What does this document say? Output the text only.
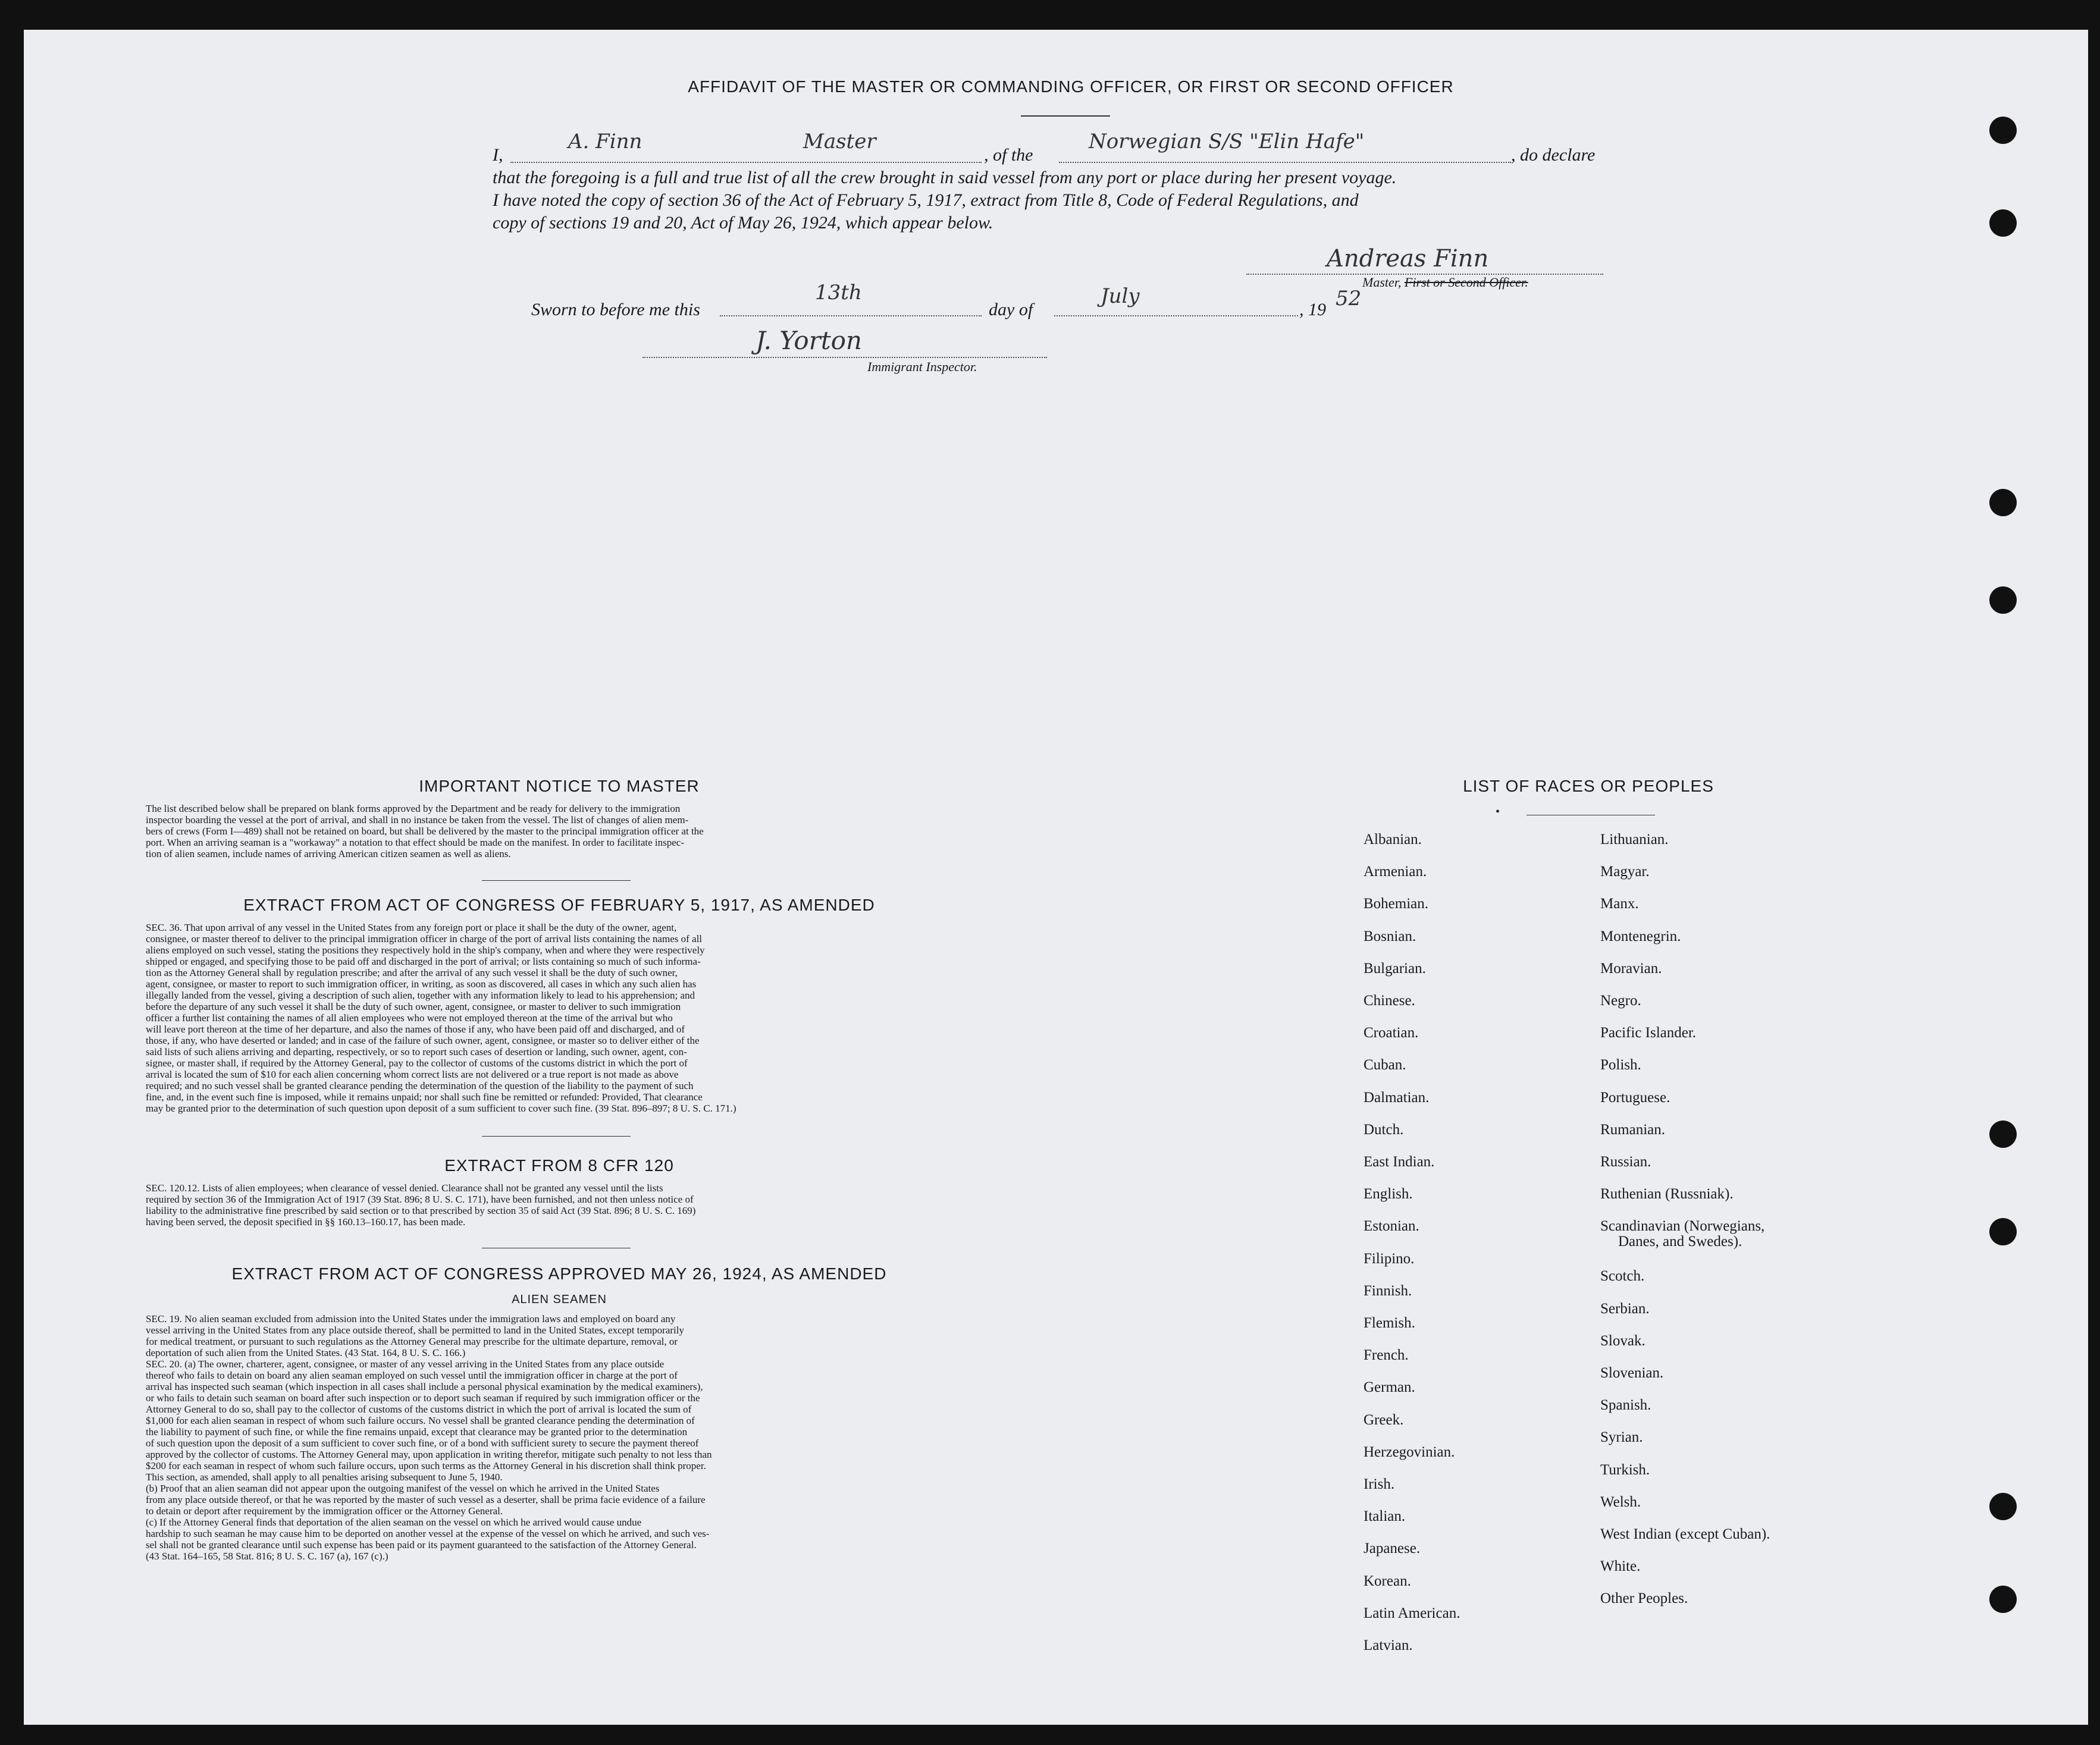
AFFIDAVIT OF THE MASTER OR COMMANDING OFFICER, OR FIRST OR SECOND OFFICER
I,
A. Finn	Master
, of the
Norwegian S/S "Elin Hafe"
, do declare
that the foregoing is a full and true list of all the crew brought in said vessel from any port or place during her present voyage.
I have noted the copy of section 36 of the Act of February 5, 1917, extract from Title 8, Code of Federal Regulations, and
copy of sections 19 and 20, Act of May 26, 1924, which appear below.
Andreas Finn
Master, First or Second Officer.
Sworn to before me this
13th
day of
July
, 19 52
J. Yorton
Immigrant Inspector.
IMPORTANT NOTICE TO MASTER

The list described below shall be prepared on blank forms approved by the Department and be ready for delivery to the immigration

inspector boarding the vessel at the port of arrival, and shall in no instance be taken from the vessel. The list of changes of alien mem-

bers of crews (Form I—489) shall not be retained on board, but shall be delivered by the master to the principal immigration officer at the

port. When an arriving seaman is a "workaway" a notation to that effect should be made on the manifest. In order to facilitate inspec-

tion of alien seamen, include names of arriving American citizen seamen as well as aliens.

EXTRACT FROM ACT OF CONGRESS OF FEBRUARY 5, 1917, AS AMENDED

SEC. 36. That upon arrival of any vessel in the United States from any foreign port or place it shall be the duty of the owner, agent,

consignee, or master thereof to deliver to the principal immigration officer in charge of the port of arrival lists containing the names of all

aliens employed on such vessel, stating the positions they respectively hold in the ship's company, when and where they were respectively

shipped or engaged, and specifying those to be paid off and discharged in the port of arrival; or lists containing so much of such informa-

tion as the Attorney General shall by regulation prescribe; and after the arrival of any such vessel it shall be the duty of such owner,

agent, consignee, or master to report to such immigration officer, in writing, as soon as discovered, all cases in which any such alien has

illegally landed from the vessel, giving a description of such alien, together with any information likely to lead to his apprehension; and

before the departure of any such vessel it shall be the duty of such owner, agent, consignee, or master to deliver to such immigration

officer a further list containing the names of all alien employees who were not employed thereon at the time of the arrival but who

will leave port thereon at the time of her departure, and also the names of those if any, who have been paid off and discharged, and of

those, if any, who have deserted or landed; and in case of the failure of such owner, agent, consignee, or master so to deliver either of the

said lists of such aliens arriving and departing, respectively, or so to report such cases of desertion or landing, such owner, agent, con-

signee, or master shall, if required by the Attorney General, pay to the collector of customs of the customs district in which the port of

arrival is located the sum of $10 for each alien concerning whom correct lists are not delivered or a true report is not made as above

required; and no such vessel shall be granted clearance pending the determination of the question of the liability to the payment of such

fine, and, in the event such fine is imposed, while it remains unpaid; nor shall such fine be remitted or refunded: Provided, That clearance

may be granted prior to the determination of such question upon deposit of a sum sufficient to cover such fine. (39 Stat. 896–897; 8 U. S. C. 171.)

EXTRACT FROM 8 CFR 120

SEC. 120.12. Lists of alien employees; when clearance of vessel denied. Clearance shall not be granted any vessel until the lists

required by section 36 of the Immigration Act of 1917 (39 Stat. 896; 8 U. S. C. 171), have been furnished, and not then unless notice of

liability to the administrative fine prescribed by said section or to that prescribed by section 35 of said Act (39 Stat. 896; 8 U. S. C. 169)

having been served, the deposit specified in §§ 160.13–160.17, has been made.

EXTRACT FROM ACT OF CONGRESS APPROVED MAY 26, 1924, AS AMENDED
ALIEN SEAMEN

SEC. 19. No alien seaman excluded from admission into the United States under the immigration laws and employed on board any

vessel arriving in the United States from any place outside thereof, shall be permitted to land in the United States, except temporarily

for medical treatment, or pursuant to such regulations as the Attorney General may prescribe for the ultimate departure, removal, or

deportation of such alien from the United States. (43 Stat. 164, 8 U. S. C. 166.)

SEC. 20. (a) The owner, charterer, agent, consignee, or master of any vessel arriving in the United States from any place outside

thereof who fails to detain on board any alien seaman employed on such vessel until the immigration officer in charge at the port of

arrival has inspected such seaman (which inspection in all cases shall include a personal physical examination by the medical examiners),

or who fails to detain such seaman on board after such inspection or to deport such seaman if required by such immigration officer or the

Attorney General to do so, shall pay to the collector of customs of the customs district in which the port of arrival is located the sum of

$1,000 for each alien seaman in respect of whom such failure occurs. No vessel shall be granted clearance pending the determination of

the liability to payment of such fine, or while the fine remains unpaid, except that clearance may be granted prior to the determination

of such question upon the deposit of a sum sufficient to cover such fine, or of a bond with sufficient surety to secure the payment thereof

approved by the collector of customs. The Attorney General may, upon application in writing therefor, mitigate such penalty to not less than

$200 for each seaman in respect of whom such failure occurs, upon such terms as the Attorney General in his discretion shall think proper.

This section, as amended, shall apply to all penalties arising subsequent to June 5, 1940.

(b) Proof that an alien seaman did not appear upon the outgoing manifest of the vessel on which he arrived in the United States

from any place outside thereof, or that he was reported by the master of such vessel as a deserter, shall be prima facie evidence of a failure

to detain or deport after requirement by the immigration officer or the Attorney General.

(c) If the Attorney General finds that deportation of the alien seaman on the vessel on which he arrived would cause undue

hardship to such seaman he may cause him to be deported on another vessel at the expense of the vessel on which he arrived, and such ves-

sel shall not be granted clearance until such expense has been paid or its payment guaranteed to the satisfaction of the Attorney General.

(43 Stat. 164–165, 58 Stat. 816; 8 U. S. C. 167 (a), 167 (c).)

LIST OF RACES OR PEOPLES
•
Albanian.
Armenian.
Bohemian.
Bosnian.
Bulgarian.
Chinese.
Croatian.
Cuban.
Dalmatian.
Dutch.
East Indian.
English.
Estonian.
Filipino.
Finnish.
Flemish.
French.
German.
Greek.
Herzegovinian.
Irish.
Italian.
Japanese.
Korean.
Latin American.
Latvian.
Lithuanian.
Magyar.
Manx.
Montenegrin.
Moravian.
Negro.
Pacific Islander.
Polish.
Portuguese.
Rumanian.
Russian.
Ruthenian (Russniak).
Scandinavian (Norwegians,
Danes, and Swedes).
Scotch.
Serbian.
Slovak.
Slovenian.
Spanish.
Syrian.
Turkish.
Welsh.
West Indian (except Cuban).
White.
Other Peoples.
